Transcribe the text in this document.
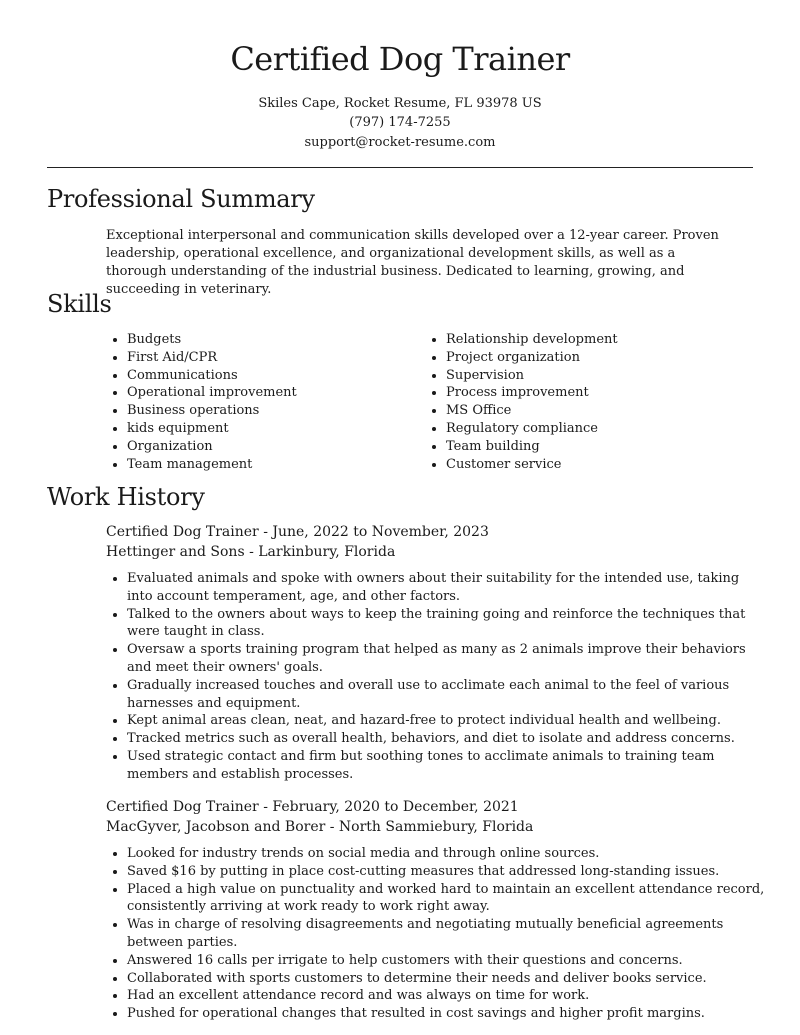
Certified Dog Trainer
Skiles Cape, Rocket Resume, FL 93978 US
(797) 174-7255
support@rocket-resume.com
Professional Summary

Exceptional interpersonal and communication skills developed over a 12-year career. Proven leadership, operational excellence, and organizational development skills, as well as a thorough understanding of the industrial business. Dedicated to learning, growing, and succeeding in veterinary.

Skills
• Budgets
• First Aid/CPR
• Communications
• Operational improvement
• Business operations
• kids equipment
• Organization
• Team management
• Relationship development
• Project organization
• Supervision
• Process improvement
• MS Office
• Regulatory compliance
• Team building
• Customer service
Work History

Certified Dog Trainer - June, 2022 to November, 2023

Hettinger and Sons - Larkinbury, Florida

• Evaluated animals and spoke with owners about their suitability for the intended use, taking into account temperament, age, and other factors.
• Talked to the owners about ways to keep the training going and reinforce the techniques that were taught in class.
• Oversaw a sports training program that helped as many as 2 animals improve their behaviors and meet their owners' goals.
• Gradually increased touches and overall use to acclimate each animal to the feel of various harnesses and equipment.
• Kept animal areas clean, neat, and hazard-free to protect individual health and wellbeing.
• Tracked metrics such as overall health, behaviors, and diet to isolate and address concerns.
• Used strategic contact and firm but soothing tones to acclimate animals to training team members and establish processes.

Certified Dog Trainer - February, 2020 to December, 2021

MacGyver, Jacobson and Borer - North Sammiebury, Florida

• Looked for industry trends on social media and through online sources.
• Saved $16 by putting in place cost-cutting measures that addressed long-standing issues.
• Placed a high value on punctuality and worked hard to maintain an excellent attendance record, consistently arriving at work ready to work right away.
• Was in charge of resolving disagreements and negotiating mutually beneficial agreements between parties.
• Answered 16 calls per irrigate to help customers with their questions and concerns.
• Collaborated with sports customers to determine their needs and deliver books service.
• Had an excellent attendance record and was always on time for work.
• Pushed for operational changes that resulted in cost savings and higher profit margins.
